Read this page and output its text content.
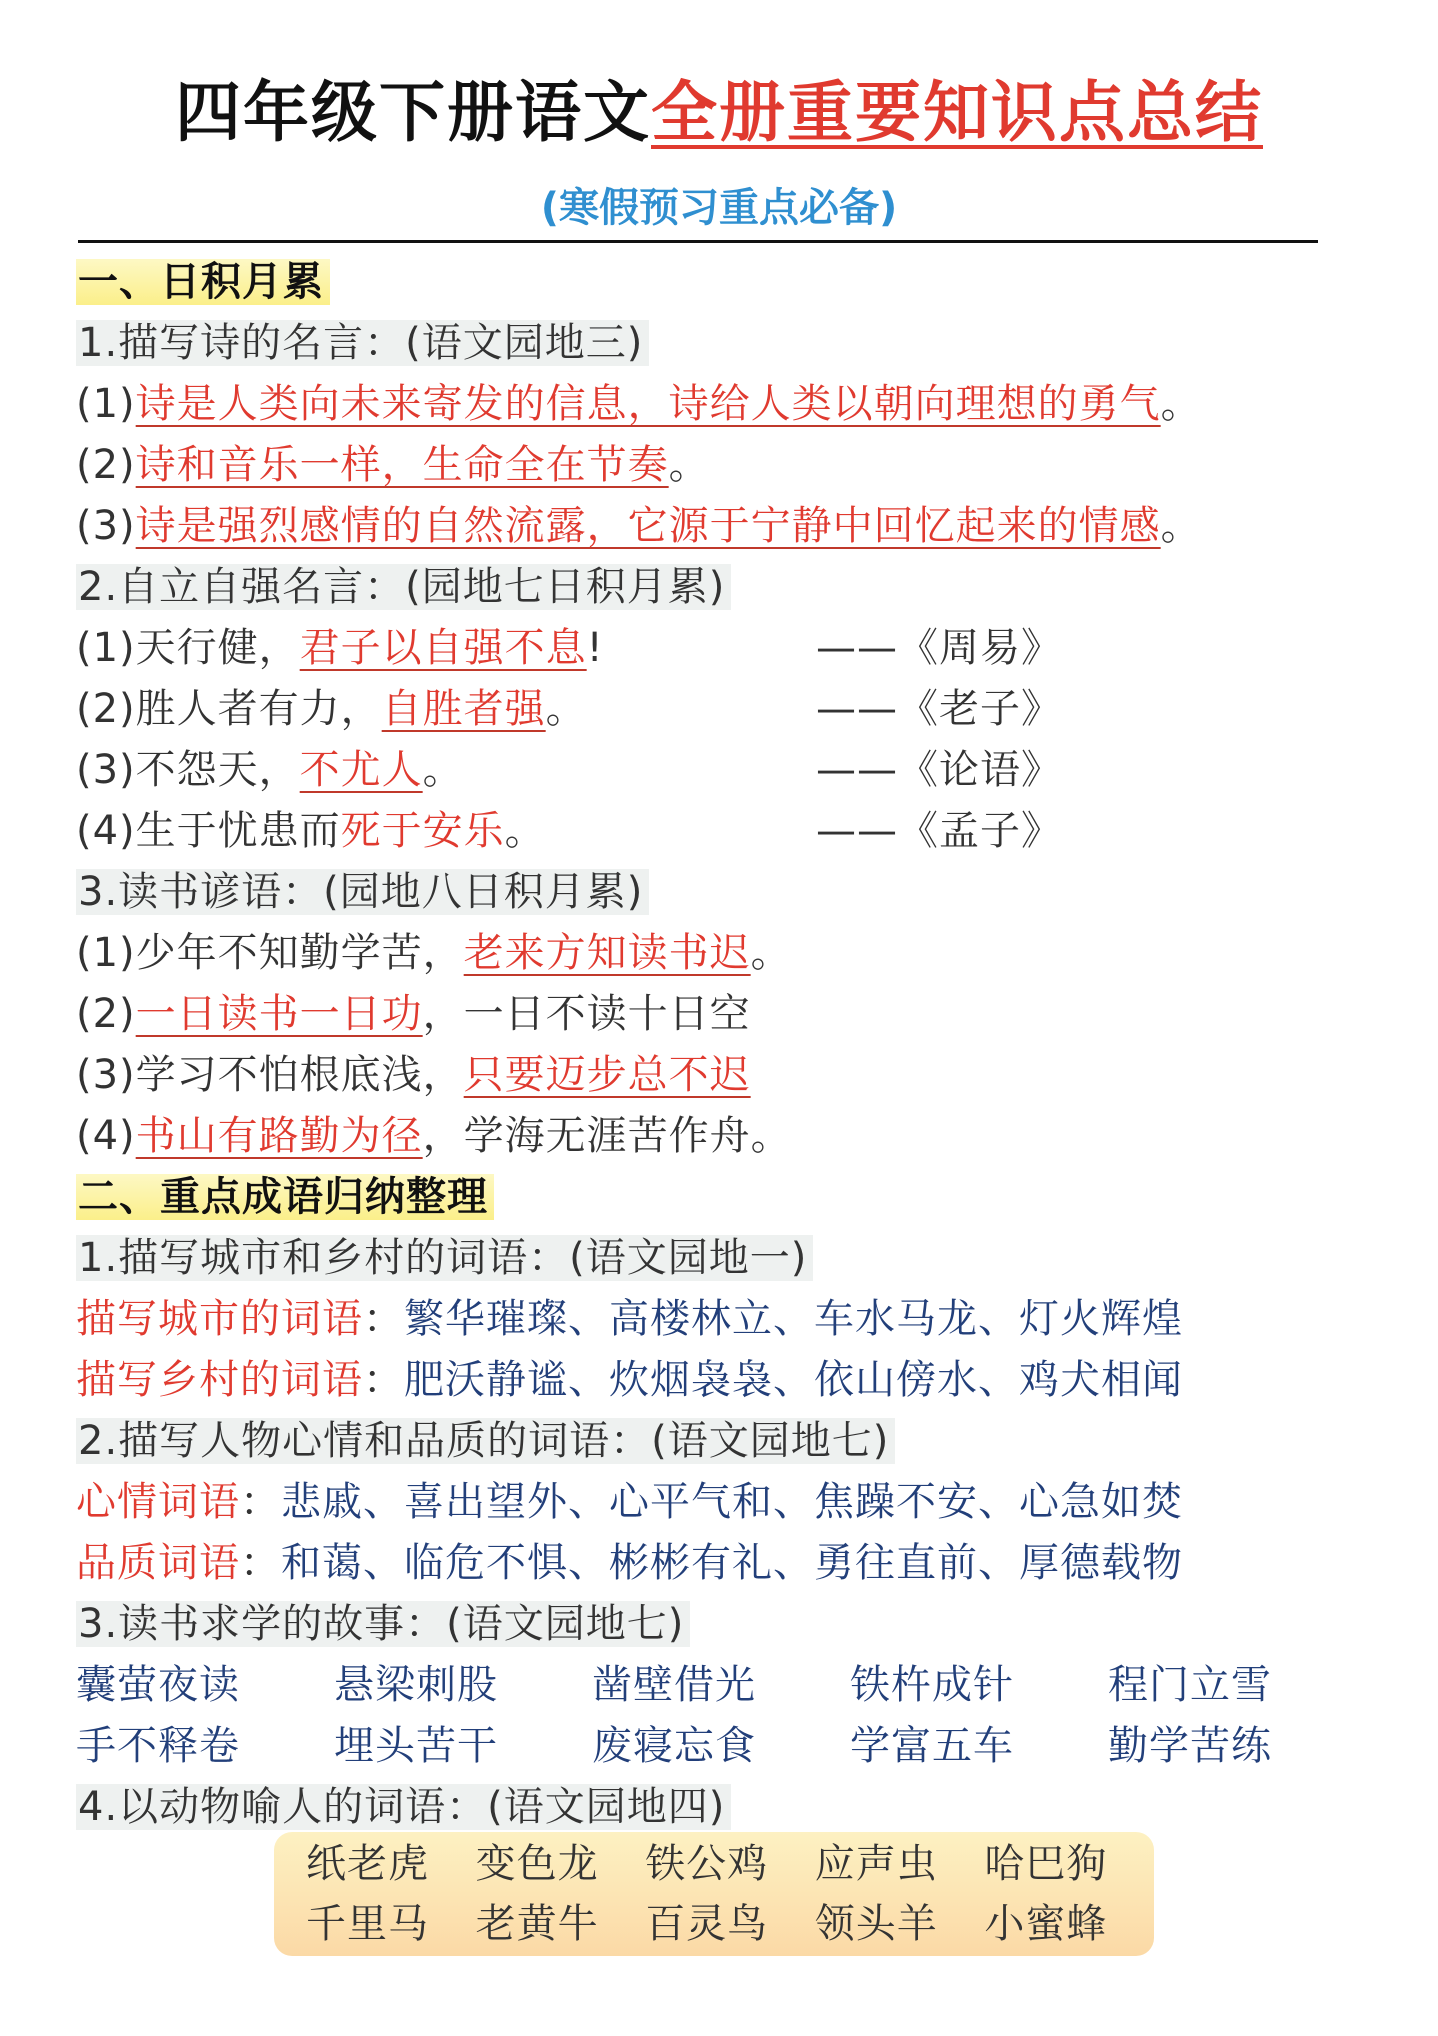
四年级下册语文全册重要知识点总结
(寒假预习重点必备)
一、日积月累
1.描写诗的名言：(语文园地三)
(1)诗是人类向未来寄发的信息，诗给人类以朝向理想的勇气。
(2)诗和音乐一样，生命全在节奏。
(3)诗是强烈感情的自然流露，它源于宁静中回忆起来的情感。
2.自立自强名言：(园地七日积月累)
(1)天行健，君子以自强不息!	——《周易》
(2)胜人者有力，自胜者强。	——《老子》
(3)不怨天，不尤人。	——《论语》
(4)生于忧患而死于安乐。	——《孟子》
3.读书谚语：(园地八日积月累)
(1)少年不知勤学苦，老来方知读书迟。
(2)一日读书一日功，一日不读十日空
(3)学习不怕根底浅，只要迈步总不迟
(4)书山有路勤为径，学海无涯苦作舟。
二、重点成语归纳整理
1.描写城市和乡村的词语：(语文园地一)
描写城市的词语：繁华璀璨、高楼林立、车水马龙、灯火辉煌
描写乡村的词语：肥沃静谧、炊烟袅袅、依山傍水、鸡犬相闻
2.描写人物心情和品质的词语：(语文园地七)
心情词语：悲戚、喜出望外、心平气和、焦躁不安、心急如焚
品质词语：和蔼、临危不惧、彬彬有礼、勇往直前、厚德载物
3.读书求学的故事：(语文园地七)
囊萤夜读	悬梁刺股	凿壁借光	铁杵成针	程门立雪
手不释卷	埋头苦干	废寝忘食	学富五车	勤学苦练
4.以动物喻人的词语：(语文园地四)
纸老虎	变色龙	铁公鸡	应声虫	哈巴狗
千里马	老黄牛	百灵鸟	领头羊	小蜜蜂
